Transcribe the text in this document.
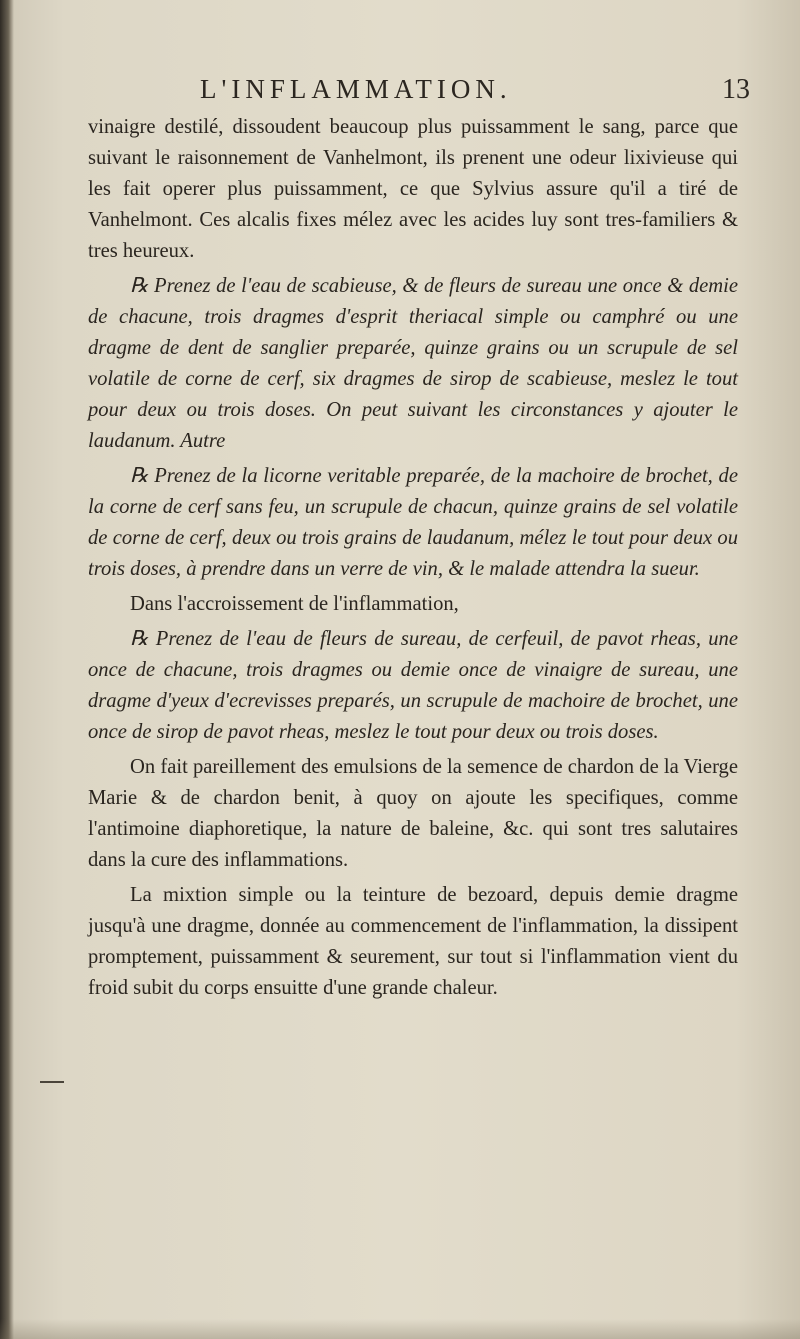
L'INFLAMMATION.	13

vinaigre destilé, dissoudent beaucoup plus puissamment le sang, parce que suivant le raisonnement de Vanhelmont, ils prenent une odeur lixivieuse qui les fait operer plus puissamment, ce que Sylvius assure qu'il a tiré de Vanhelmont. Ces alcalis fixes mélez avec les acides luy sont tres-familiers & tres heureux.

℞ Prenez de l'eau de scabieuse, & de fleurs de sureau une once & demie de chacune, trois dragmes d'esprit theriacal simple ou camphré ou une dragme de dent de sanglier preparée, quinze grains ou un scrupule de sel volatile de corne de cerf, six dragmes de sirop de scabieuse, meslez le tout pour deux ou trois doses. On peut suivant les circonstances y ajouter le laudanum. Autre

℞ Prenez de la licorne veritable preparée, de la machoire de brochet, de la corne de cerf sans feu, un scrupule de chacun, quinze grains de sel volatile de corne de cerf, deux ou trois grains de laudanum, mélez le tout pour deux ou trois doses, à prendre dans un verre de vin, & le malade attendra la sueur.

Dans l'accroissement de l'inflammation,

℞ Prenez de l'eau de fleurs de sureau, de cerfeuil, de pavot rheas, une once de chacune, trois dragmes ou demie once de vinaigre de sureau, une dragme d'yeux d'ecrevisses preparés, un scrupule de machoire de brochet, une once de sirop de pavot rheas, meslez le tout pour deux ou trois doses.

On fait pareillement des emulsions de la semence de chardon de la Vierge Marie & de chardon benit, à quoy on ajoute les specifiques, comme l'antimoine diaphoretique, la nature de baleine, &c. qui sont tres salutaires dans la cure des inflammations.

La mixtion simple ou la teinture de bezoard, depuis demie dragme jusqu'à une dragme, donnée au commencement de l'inflammation, la dissipent promptement, puissamment & seurement, sur tout si l'inflammation vient du froid subit du corps ensuitte d'une grande chaleur.
